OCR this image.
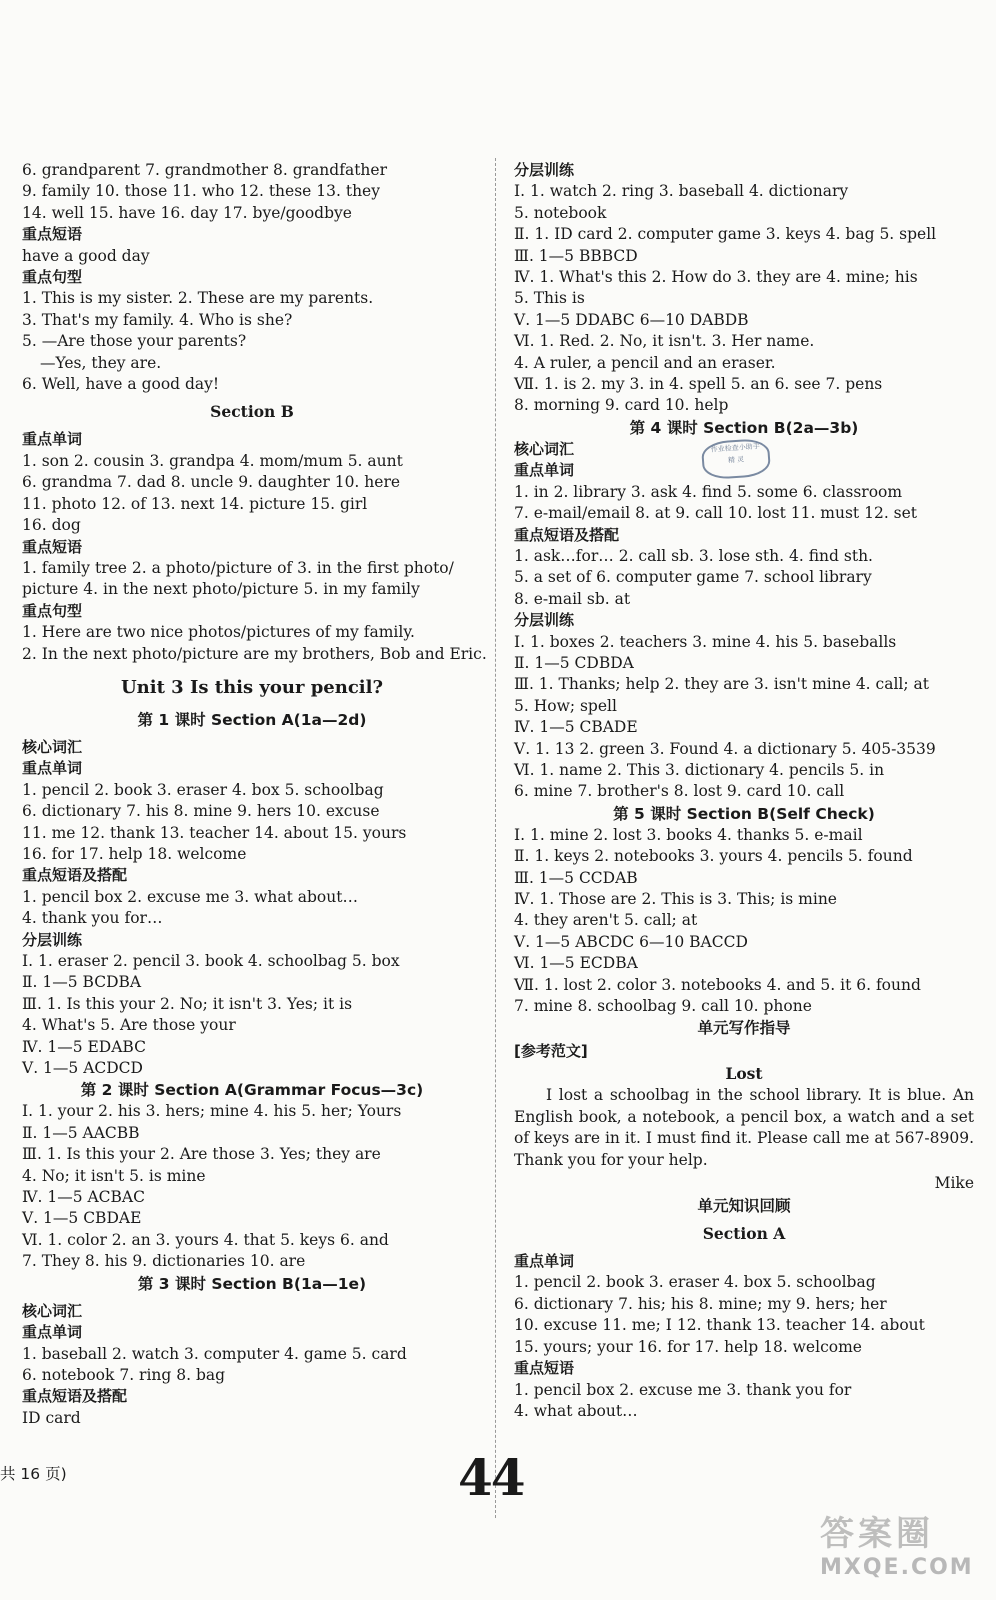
6. grandparent 7. grandmother 8. grandfather
9. family 10. those 11. who 12. these 13. they
14. well 15. have 16. day 17. bye/goodbye
重点短语
have a good day
重点句型
1. This is my sister. 2. These are my parents.
3. That's my family. 4. Who is she?
5. —Are those your parents?
—Yes, they are.
6. Well, have a good day!
Section B
重点单词
1. son 2. cousin 3. grandpa 4. mom/mum 5. aunt
6. grandma 7. dad 8. uncle 9. daughter 10. here
11. photo 12. of 13. next 14. picture 15. girl
16. dog
重点短语
1. family tree 2. a photo/picture of 3. in the first photo/
picture 4. in the next photo/picture 5. in my family
重点句型
1. Here are two nice photos/pictures of my family.
2. In the next photo/picture are my brothers, Bob and Eric.
Unit 3 Is this your pencil?
第 1 课时 Section A(1a—2d)
核心词汇
重点单词
1. pencil 2. book 3. eraser 4. box 5. schoolbag
6. dictionary 7. his 8. mine 9. hers 10. excuse
11. me 12. thank 13. teacher 14. about 15. yours
16. for 17. help 18. welcome
重点短语及搭配
1. pencil box 2. excuse me 3. what about…
4. thank you for…
分层训练
Ⅰ. 1. eraser 2. pencil 3. book 4. schoolbag 5. box
Ⅱ. 1—5 BCDBA
Ⅲ. 1. Is this your 2. No; it isn't 3. Yes; it is
4. What's 5. Are those your
Ⅳ. 1—5 EDABC
Ⅴ. 1—5 ACDCD
第 2 课时 Section A(Grammar Focus—3c)
Ⅰ. 1. your 2. his 3. hers; mine 4. his 5. her; Yours
Ⅱ. 1—5 AACBB
Ⅲ. 1. Is this your 2. Are those 3. Yes; they are
4. No; it isn't 5. is mine
Ⅳ. 1—5 ACBAC
Ⅴ. 1—5 CBDAE
Ⅵ. 1. color 2. an 3. yours 4. that 5. keys 6. and
7. They 8. his 9. dictionaries 10. are
第 3 课时 Section B(1a—1e)
核心词汇
重点单词
1. baseball 2. watch 3. computer 4. game 5. card
6. notebook 7. ring 8. bag
重点短语及搭配
ID card
分层训练
Ⅰ. 1. watch 2. ring 3. baseball 4. dictionary
5. notebook
Ⅱ. 1. ID card 2. computer game 3. keys 4. bag 5. spell
Ⅲ. 1—5 BBBCD
Ⅳ. 1. What's this 2. How do 3. they are 4. mine; his
5. This is
Ⅴ. 1—5 DDABC 6—10 DABDB
Ⅵ. 1. Red. 2. No, it isn't. 3. Her name.
4. A ruler, a pencil and an eraser.
Ⅶ. 1. is 2. my 3. in 4. spell 5. an 6. see 7. pens
8. morning 9. card 10. help
第 4 课时 Section B(2a—3b)
核心词汇
重点单词
1. in 2. library 3. ask 4. find 5. some 6. classroom
7. e-mail/email 8. at 9. call 10. lost 11. must 12. set
重点短语及搭配
1. ask…for… 2. call sb. 3. lose sth. 4. find sth.
5. a set of 6. computer game 7. school library
8. e-mail sb. at
分层训练
Ⅰ. 1. boxes 2. teachers 3. mine 4. his 5. baseballs
Ⅱ. 1—5 CDBDA
Ⅲ. 1. Thanks; help 2. they are 3. isn't mine 4. call; at
5. How; spell
Ⅳ. 1—5 CBADE
Ⅴ. 1. 13 2. green 3. Found 4. a dictionary 5. 405-3539
Ⅵ. 1. name 2. This 3. dictionary 4. pencils 5. in
6. mine 7. brother's 8. lost 9. card 10. call
第 5 课时 Section B(Self Check)
Ⅰ. 1. mine 2. lost 3. books 4. thanks 5. e-mail
Ⅱ. 1. keys 2. notebooks 3. yours 4. pencils 5. found
Ⅲ. 1—5 CCDAB
Ⅳ. 1. Those are 2. This is 3. This; is mine
4. they aren't 5. call; at
Ⅴ. 1—5 ABCDC 6—10 BACCD
Ⅵ. 1—5 ECDBA
Ⅶ. 1. lost 2. color 3. notebooks 4. and 5. it 6. found
7. mine 8. schoolbag 9. call 10. phone
单元写作指导
[参考范文]
Lost
I lost a schoolbag in the school library. It is blue. An English book, a notebook, a pencil box, a watch and a set of keys are in it. I must find it. Please call me at 567-8909. Thank you for your help.
Mike
单元知识回顾
Section A
重点单词
1. pencil 2. book 3. eraser 4. box 5. schoolbag
6. dictionary 7. his; his 8. mine; my 9. hers; her
10. excuse 11. me; I 12. thank 13. teacher 14. about
15. yours; your 16. for 17. help 18. welcome
重点短语
1. pencil box 2. excuse me 3. thank you for
4. what about…
作业检查小助手
精 灵
共 16 页)	44
答案圈
MXQE.COM
